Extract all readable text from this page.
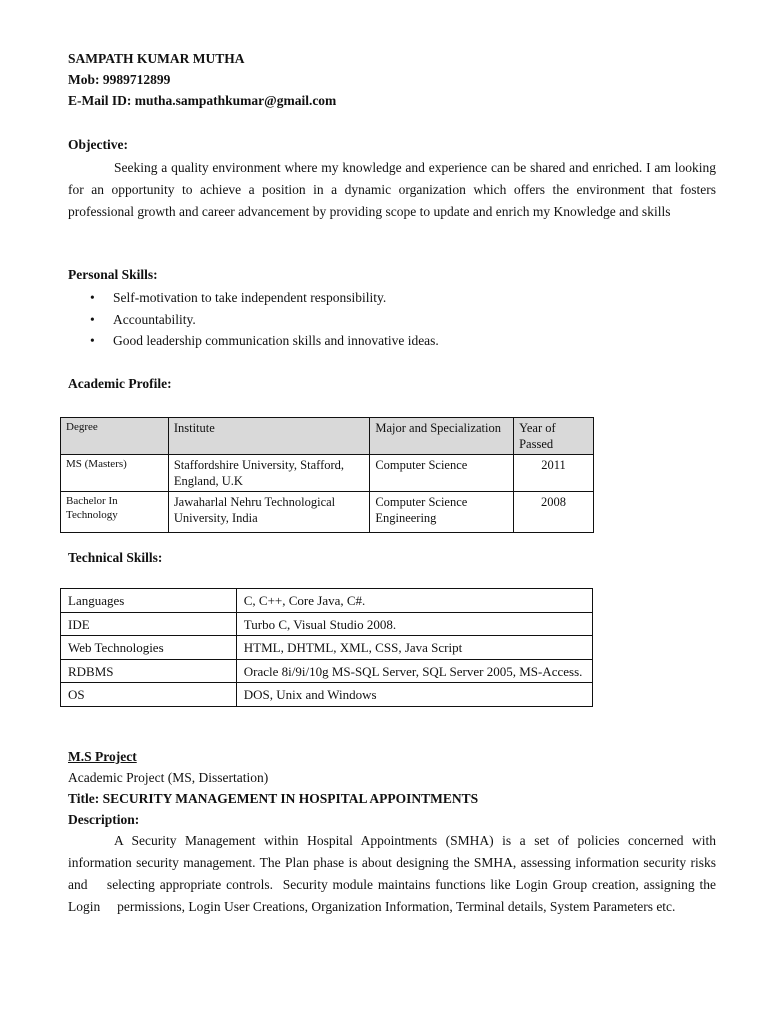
SAMPATH KUMAR MUTHA
Mob: 9989712899
E-Mail ID: mutha.sampathkumar@gmail.com
Objective:
Seeking a quality environment where my knowledge and experience can be shared and enriched. I am looking for an opportunity to achieve a position in a dynamic organization which offers the environment that fosters professional growth and career advancement by providing scope to update and enrich my Knowledge and skills
Personal Skills:
• Self-motivation to take independent responsibility.
• Accountability.
• Good leadership communication skills and innovative ideas.
Academic Profile:
Degree	Institute	Major and Specialization	Year of Passed
MS (Masters)	Staffordshire University, Stafford, England, U.K	Computer Science	2011
Bachelor In Technology	Jawaharlal Nehru Technological University, India	Computer Science Engineering	2008
Technical Skills:
Languages	C, C++, Core Java, C#.
IDE	Turbo C, Visual Studio 2008.
Web Technologies	HTML, DHTML, XML, CSS, Java Script
RDBMS	Oracle 8i/9i/10g MS-SQL Server, SQL Server 2005, MS-Access.
OS	DOS, Unix and Windows
M.S Project
Academic Project (MS, Dissertation)
Title: SECURITY MANAGEMENT IN HOSPITAL APPOINTMENTS
Description:
A Security Management within Hospital Appointments (SMHA) is a set of policies concerned with information security management. The Plan phase is about designing the SMHA, assessing information security risks and    selecting appropriate controls.  Security module maintains functions like Login Group creation, assigning the Login     permissions, Login User Creations, Organization Information, Terminal details, System Parameters etc.
